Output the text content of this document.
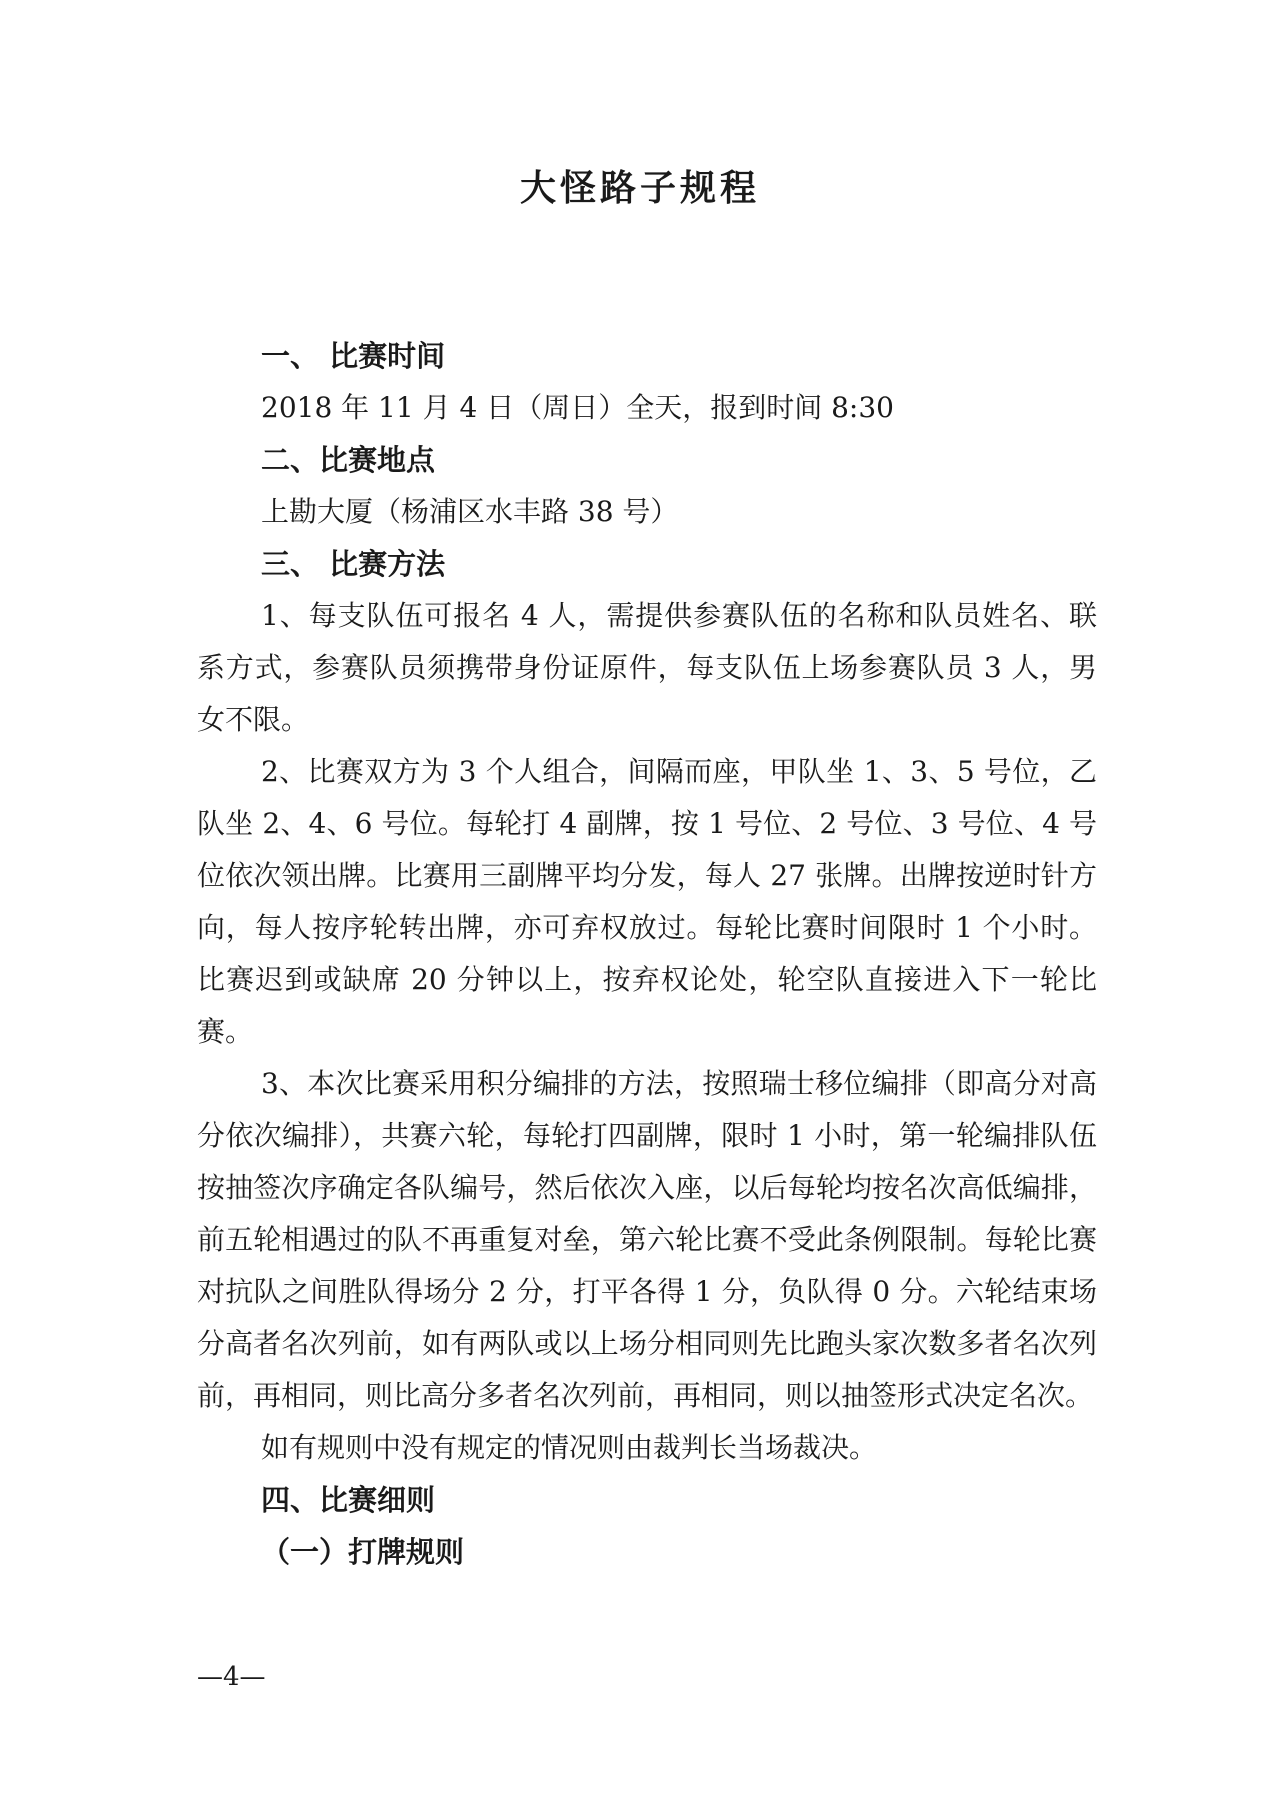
大怪路子规程

一、 比赛时间

2018 年 11 月 4 日（周日）全天，报到时间 8:30

二、比赛地点

上勘大厦（杨浦区水丰路 38 号）

三、 比赛方法

1、每支队伍可报名 4 人，需提供参赛队伍的名称和队员姓名、联系方式，参赛队员须携带身份证原件，每支队伍上场参赛队员 3 人，男女不限。

2、比赛双方为 3 个人组合，间隔而座，甲队坐 1、3、5 号位，乙队坐 2、4、6 号位。每轮打 4 副牌，按 1 号位、2 号位、3 号位、4 号位依次领出牌。比赛用三副牌平均分发，每人 27 张牌。出牌按逆时针方向，每人按序轮转出牌，亦可弃权放过。每轮比赛时间限时 1 个小时。比赛迟到或缺席 20 分钟以上，按弃权论处，轮空队直接进入下一轮比赛。

3、本次比赛采用积分编排的方法，按照瑞士移位编排（即高分对高分依次编排），共赛六轮，每轮打四副牌，限时 1 小时，第一轮编排队伍按抽签次序确定各队编号，然后依次入座，以后每轮均按名次高低编排，前五轮相遇过的队不再重复对垒，第六轮比赛不受此条例限制。每轮比赛对抗队之间胜队得场分 2 分，打平各得 1 分，负队得 0 分。六轮结束场分高者名次列前，如有两队或以上场分相同则先比跑头家次数多者名次列前，再相同，则比高分多者名次列前，再相同，则以抽签形式决定名次。

如有规则中没有规定的情况则由裁判长当场裁决。

四、比赛细则

（一）打牌规则

—4—
